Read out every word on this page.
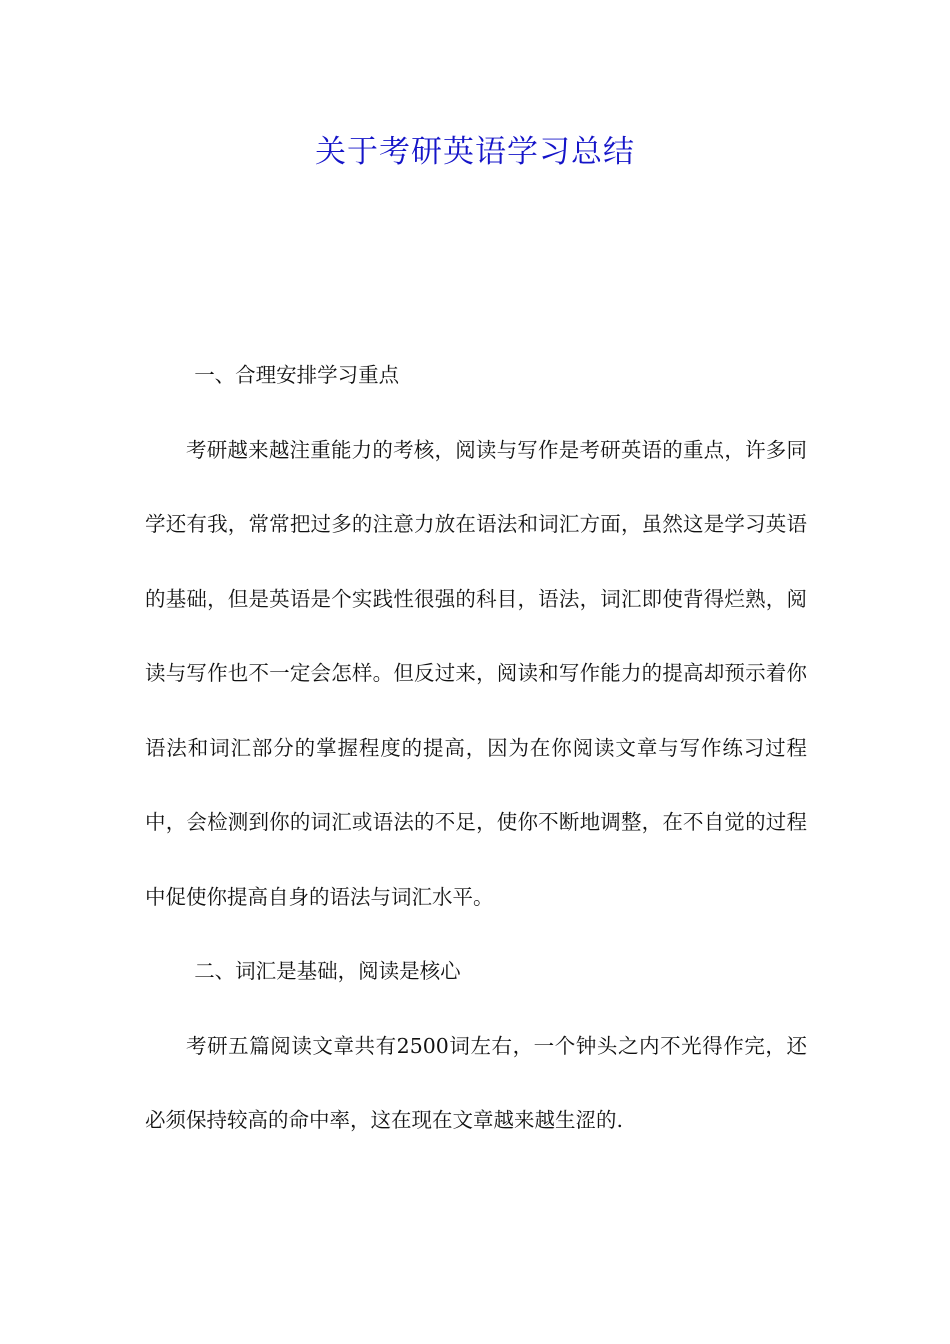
关于考研英语学习总结

一、合理安排学习重点

考研越来越注重能力的考核，阅读与写作是考研英语的重点，许多同学还有我，常常把过多的注意力放在语法和词汇方面，虽然这是学习英语的基础，但是英语是个实践性很强的科目，语法，词汇即使背得烂熟，阅读与写作也不一定会怎样。但反过来，阅读和写作能力的提高却预示着你语法和词汇部分的掌握程度的提高，因为在你阅读文章与写作练习过程中，会检测到你的词汇或语法的不足，使你不断地调整，在不自觉的过程中促使你提高自身的语法与词汇水平。

二、词汇是基础，阅读是核心

考研五篇阅读文章共有2500词左右，一个钟头之内不光得作完，还必须保持较高的命中率，这在现在文章越来越生涩的.
